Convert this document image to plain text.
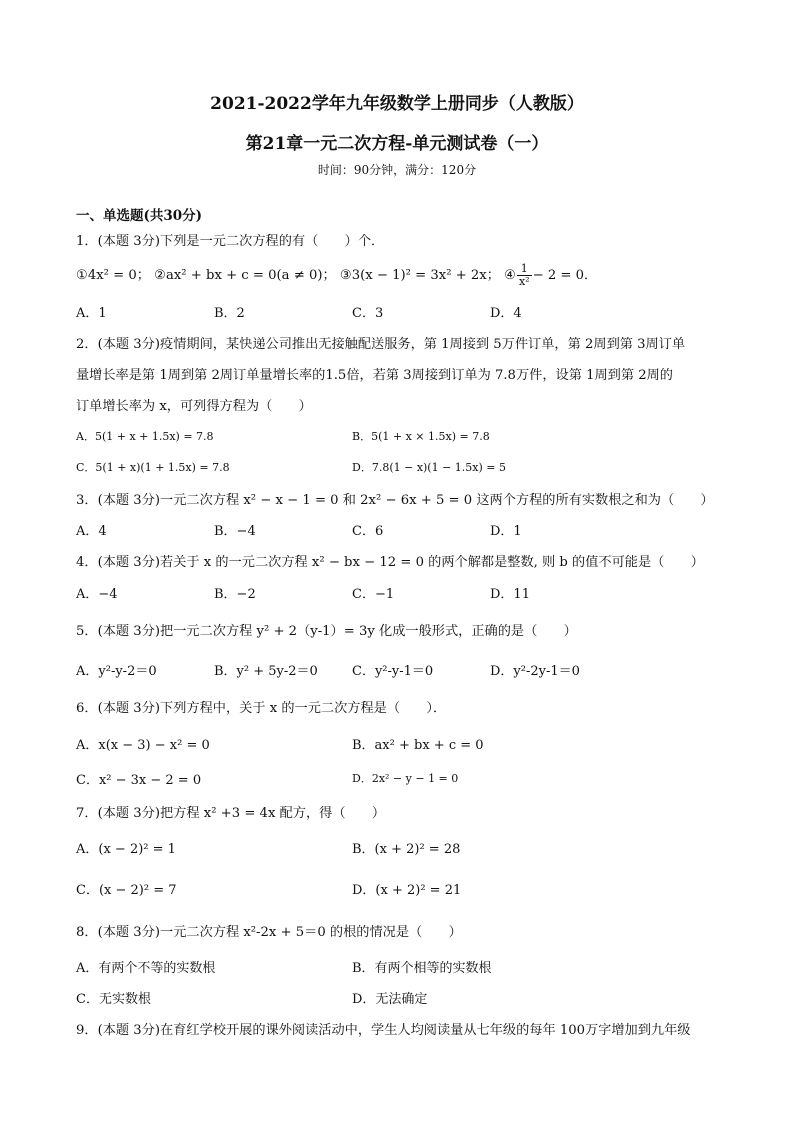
2021-2022学年九年级数学上册同步（人教版）
第21章一元二次方程-单元测试卷（一）
时间：90分钟，满分：120分
一、单选题(共30分)
1．(本题 3分)下列是一元二次方程的有（　　）个．
①4x² = 0； ②ax² + bx + c = 0(a ≠ 0)； ③3(x − 1)² = 3x² + 2x； ④ $\frac{1}{\text{x²}} - 2 = 0$．
A．1	B．2	C．3	D．4
2．(本题 3分)疫情期间，某快递公司推出无接触配送服务，第 1周接到 5万件订单，第 2周到第 3周订单
量增长率是第 1周到第 2周订单量增长率的1.5倍，若第 3周接到订单为 7.8万件，设第 1周到第 2周的
订单增长率为 x，可列得方程为（　　）
A．5(1 + x + 1.5x) = 7.8	B．5(1 + x × 1.5x) = 7.8
C．5(1 + x)(1 + 1.5x) = 7.8	D．7.8(1 − x)(1 − 1.5x) = 5
3．(本题 3分)一元二次方程 x² − x − 1 = 0 和 2x² − 6x + 5 = 0 这两个方程的所有实数根之和为（　　）
A．4	B．−4	C．6	D．1
4．(本题 3分)若关于 x 的一元二次方程 x² − bx − 12 = 0 的两个解都是整数, 则 b 的值不可能是（　　）
A．−4	B．−2	C．−1	D．11
5．(本题 3分)把一元二次方程 y² + 2（y-1）= 3y 化成一般形式，正确的是（　　）
A．y²-y-2＝0	B．y² + 5y-2＝0	C．y²-y-1＝0	D．y²-2y-1＝0
6．(本题 3分)下列方程中，关于 x 的一元二次方程是（　　）．
A．x(x − 3) − x² = 0	B．ax² + bx + c = 0
C．x² − 3x − 2 = 0	D．2x² − y − 1 = 0
7．(本题 3分)把方程 x² +3 = 4x 配方，得（　　）
A．(x − 2)² = 1	B．(x + 2)² = 28
C．(x − 2)² = 7	D．(x + 2)² = 21
8．(本题 3分)一元二次方程 x²-2x + 5＝0 的根的情况是（　　）
A．有两个不等的实数根	B．有两个相等的实数根
C．无实数根	D．无法确定
9．(本题 3分)在育红学校开展的课外阅读活动中，学生人均阅读量从七年级的每年 100万字增加到九年级
